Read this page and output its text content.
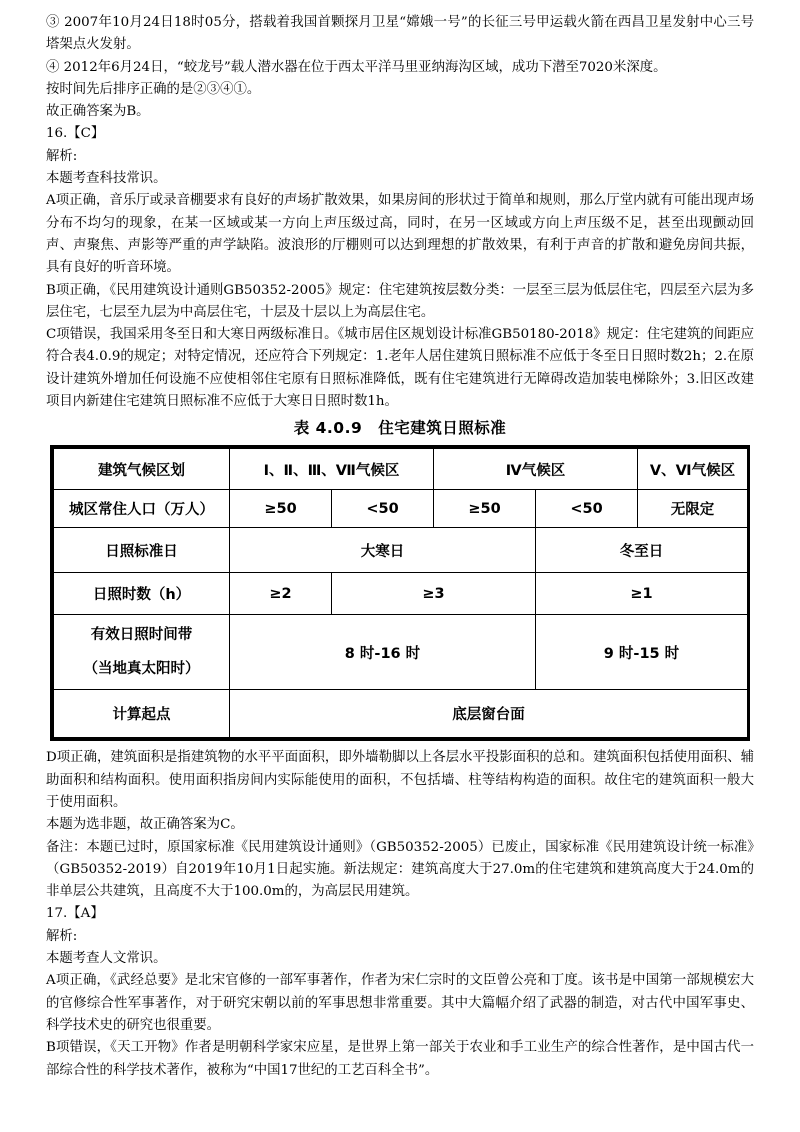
③ 2007年10月24日18时05分，搭载着我国首颗探月卫星“嫦娥一号”的长征三号甲运载火箭在西昌卫星发射中心三号塔架点火发射。

④ 2012年6月24日，“蛟龙号”载人潜水器在位于西太平洋马里亚纳海沟区域，成功下潜至7020米深度。

按时间先后排序正确的是②③④①。

故正确答案为B。

16.【C】

解析:

本题考查科技常识。

A项正确，音乐厅或录音棚要求有良好的声场扩散效果，如果房间的形状过于简单和规则，那么厅堂内就有可能出现声场分布不均匀的现象，在某一区域或某一方向上声压级过高，同时，在另一区域或方向上声压级不足，甚至出现颤动回声、声聚焦、声影等严重的声学缺陷。波浪形的厅棚则可以达到理想的扩散效果，有利于声音的扩散和避免房间共振，具有良好的听音环境。

B项正确，《民用建筑设计通则GB50352-2005》规定：住宅建筑按层数分类：一层至三层为低层住宅，四层至六层为多层住宅，七层至九层为中高层住宅，十层及十层以上为高层住宅。

C项错误，我国采用冬至日和大寒日两级标准日。《城市居住区规划设计标准GB50180-2018》规定：住宅建筑的间距应符合表4.0.9的规定；对特定情况，还应符合下列规定：1.老年人居住建筑日照标准不应低于冬至日日照时数2h；2.在原设计建筑外增加任何设施不应使相邻住宅原有日照标准降低，既有住宅建筑进行无障碍改造加装电梯除外；3.旧区改建项目内新建住宅建筑日照标准不应低于大寒日日照时数1h。

表 4.0.9　住宅建筑日照标准
建筑气候区划	Ⅰ、Ⅱ、Ⅲ、Ⅶ气候区		Ⅳ气候区		Ⅴ、Ⅵ气候区
城区常住人口（万人）	≥50	<50	≥50	<50	无限定
日照标准日	大寒日			冬至日	
日照时数（h）	≥2	≥3		≥1	

有效日照时间带
（当地真太阳时）	8 时-16 时			9 时-15 时	
计算起点	底层窗台面				

D项正确，建筑面积是指建筑物的水平平面面积，即外墙勒脚以上各层水平投影面积的总和。建筑面积包括使用面积、辅助面积和结构面积。使用面积指房间内实际能使用的面积，不包括墙、柱等结构构造的面积。故住宅的建筑面积一般大于使用面积。

本题为选非题，故正确答案为C。

备注：本题已过时，原国家标准《民用建筑设计通则》（GB50352-2005）已废止，国家标准《民用建筑设计统一标准》（GB50352-2019）自2019年10月1日起实施。新法规定：建筑高度大于27.0m的住宅建筑和建筑高度大于24.0m的非单层公共建筑，且高度不大于100.0m的，为高层民用建筑。

17.【A】

解析:

本题考查人文常识。

A项正确，《武经总要》是北宋官修的一部军事著作，作者为宋仁宗时的文臣曾公亮和丁度。该书是中国第一部规模宏大的官修综合性军事著作，对于研究宋朝以前的军事思想非常重要。其中大篇幅介绍了武器的制造，对古代中国军事史、科学技术史的研究也很重要。

B项错误，《天工开物》作者是明朝科学家宋应星，是世界上第一部关于农业和手工业生产的综合性著作，是中国古代一部综合性的科学技术著作，被称为“中国17世纪的工艺百科全书”。
